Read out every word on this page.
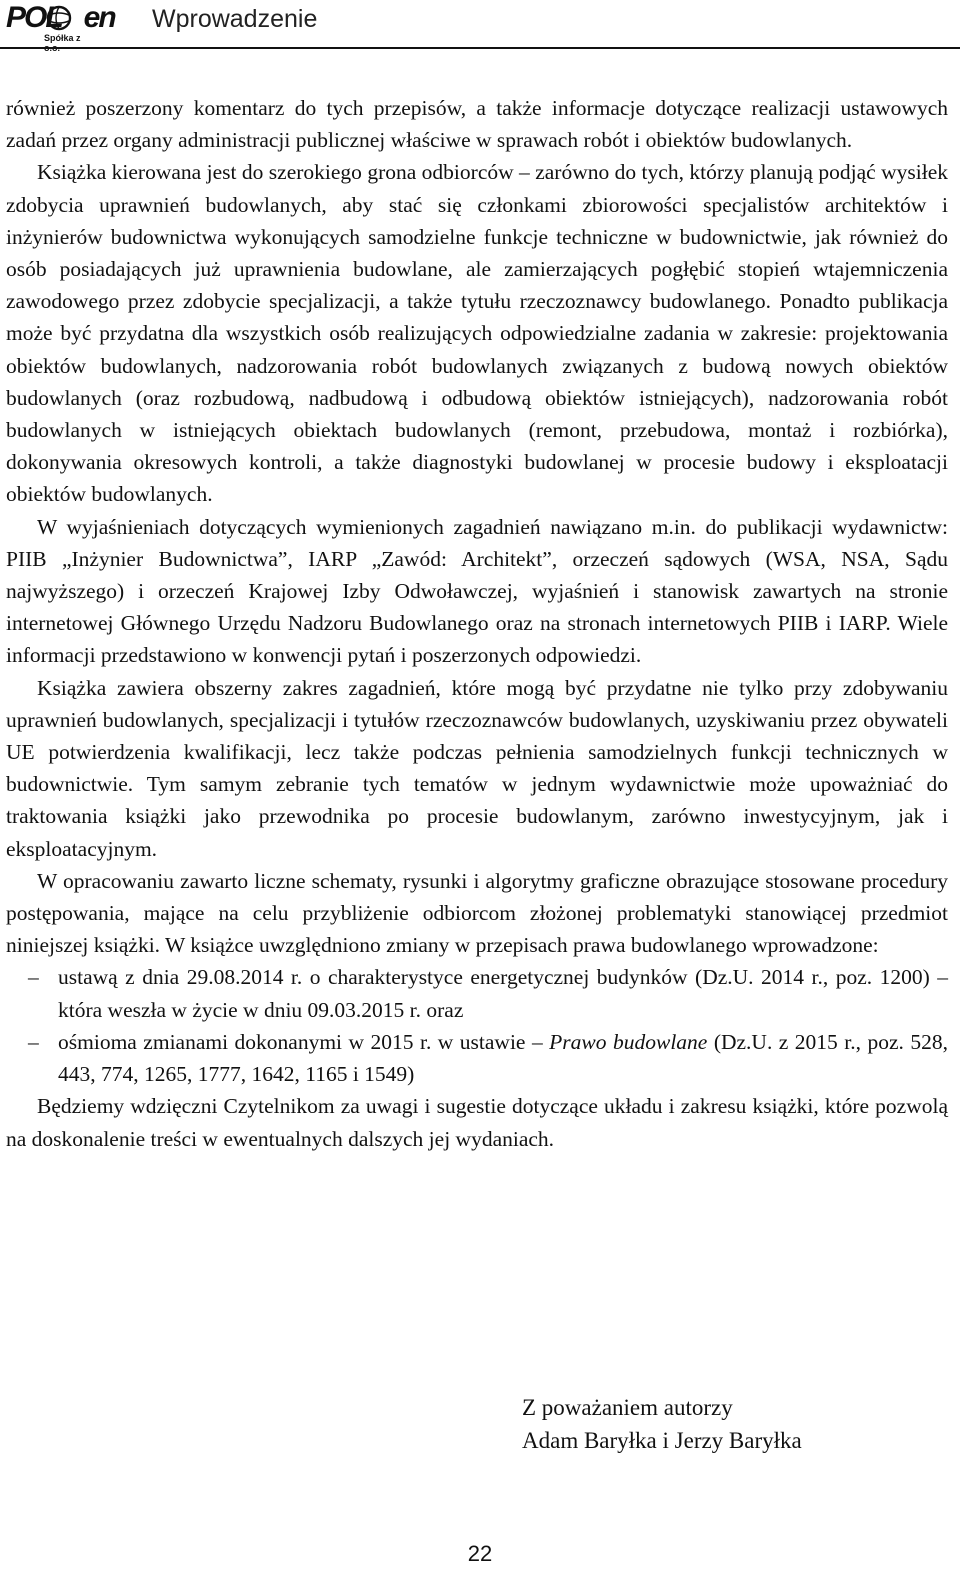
POL en
Spółka z
Wprowadzenie

również poszerzony komentarz do tych przepisów, a także informacje dotyczące realizacji ustawowych zadań przez organy administracji publicznej właściwe w sprawach robót i obiektów budowlanych.

Książka kierowana jest do szerokiego grona odbiorców – zarówno do tych, którzy planują podjąć wysiłek zdobycia uprawnień budowlanych, aby stać się członkami zbiorowości specjalistów architektów i inżynierów budownictwa wykonujących samodzielne funkcje techniczne w budownictwie, jak również do osób posiadających już uprawnienia budowlane, ale zamierzających pogłębić stopień wtajemniczenia zawodowego przez zdobycie specjalizacji, a także tytułu rzeczoznawcy budowlanego. Ponadto publikacja może być przydatna dla wszystkich osób realizujących odpowiedzialne zadania w zakresie: projektowania obiektów budowlanych, nadzorowania robót budowlanych związanych z budową nowych obiektów budowlanych (oraz rozbudową, nadbudową i odbudową obiektów istniejących), nadzorowania robót budowlanych w istniejących obiektach budowlanych (remont, przebudowa, montaż i rozbiórka), dokonywania okresowych kontroli, a także diagnostyki budowlanej w procesie budowy i eksploatacji obiektów budowlanych.

W wyjaśnieniach dotyczących wymienionych zagadnień nawiązano m.in. do publikacji wydawnictw: PIIB „Inżynier Budownictwa”, IARP „Zawód: Architekt”, orzeczeń sądowych (WSA, NSA, Sądu najwyższego) i orzeczeń Krajowej Izby Odwoławczej, wyjaśnień i stanowisk zawartych na stronie internetowej Głównego Urzędu Nadzoru Budowlanego oraz na stronach internetowych PIIB i IARP. Wiele informacji przedstawiono w konwencji pytań i poszerzonych odpowiedzi.

Książka zawiera obszerny zakres zagadnień, które mogą być przydatne nie tylko przy zdobywaniu uprawnień budowlanych, specjalizacji i tytułów rzeczoznawców budowlanych, uzyskiwaniu przez obywateli UE potwierdzenia kwalifikacji, lecz także podczas pełnienia samodzielnych funkcji technicznych w budownictwie. Tym samym zebranie tych tematów w jednym wydawnictwie może upoważniać do traktowania książki jako przewodnika po procesie budowlanym, zarówno inwestycyjnym, jak i eksploatacyjnym.

W opracowaniu zawarto liczne schematy, rysunki i algorytmy graficzne obrazujące stosowane procedury postępowania, mające na celu przybliżenie odbiorcom złożonej problematyki stanowiącej przedmiot niniejszej książki. W książce uwzględniono zmiany w przepisach prawa budowlanego wprowadzone:

– ustawą z dnia 29.08.2014 r. o charakterystyce energetycznej budynków (Dz.U. 2014 r., poz. 1200) – która weszła w życie w dniu 09.03.2015 r. oraz
– ośmioma zmianami dokonanymi w 2015 r. w ustawie – Prawo budowlane (Dz.U. z 2015 r., poz. 528, 443, 774, 1265, 1777, 1642, 1165 i 1549)

Będziemy wdzięczni Czytelnikom za uwagi i sugestie dotyczące układu i zakresu książki, które pozwolą na doskonalenie treści w ewentualnych dalszych jej wydaniach.

Z poważaniem autorzy
Adam Baryłka i Jerzy Baryłka
22
